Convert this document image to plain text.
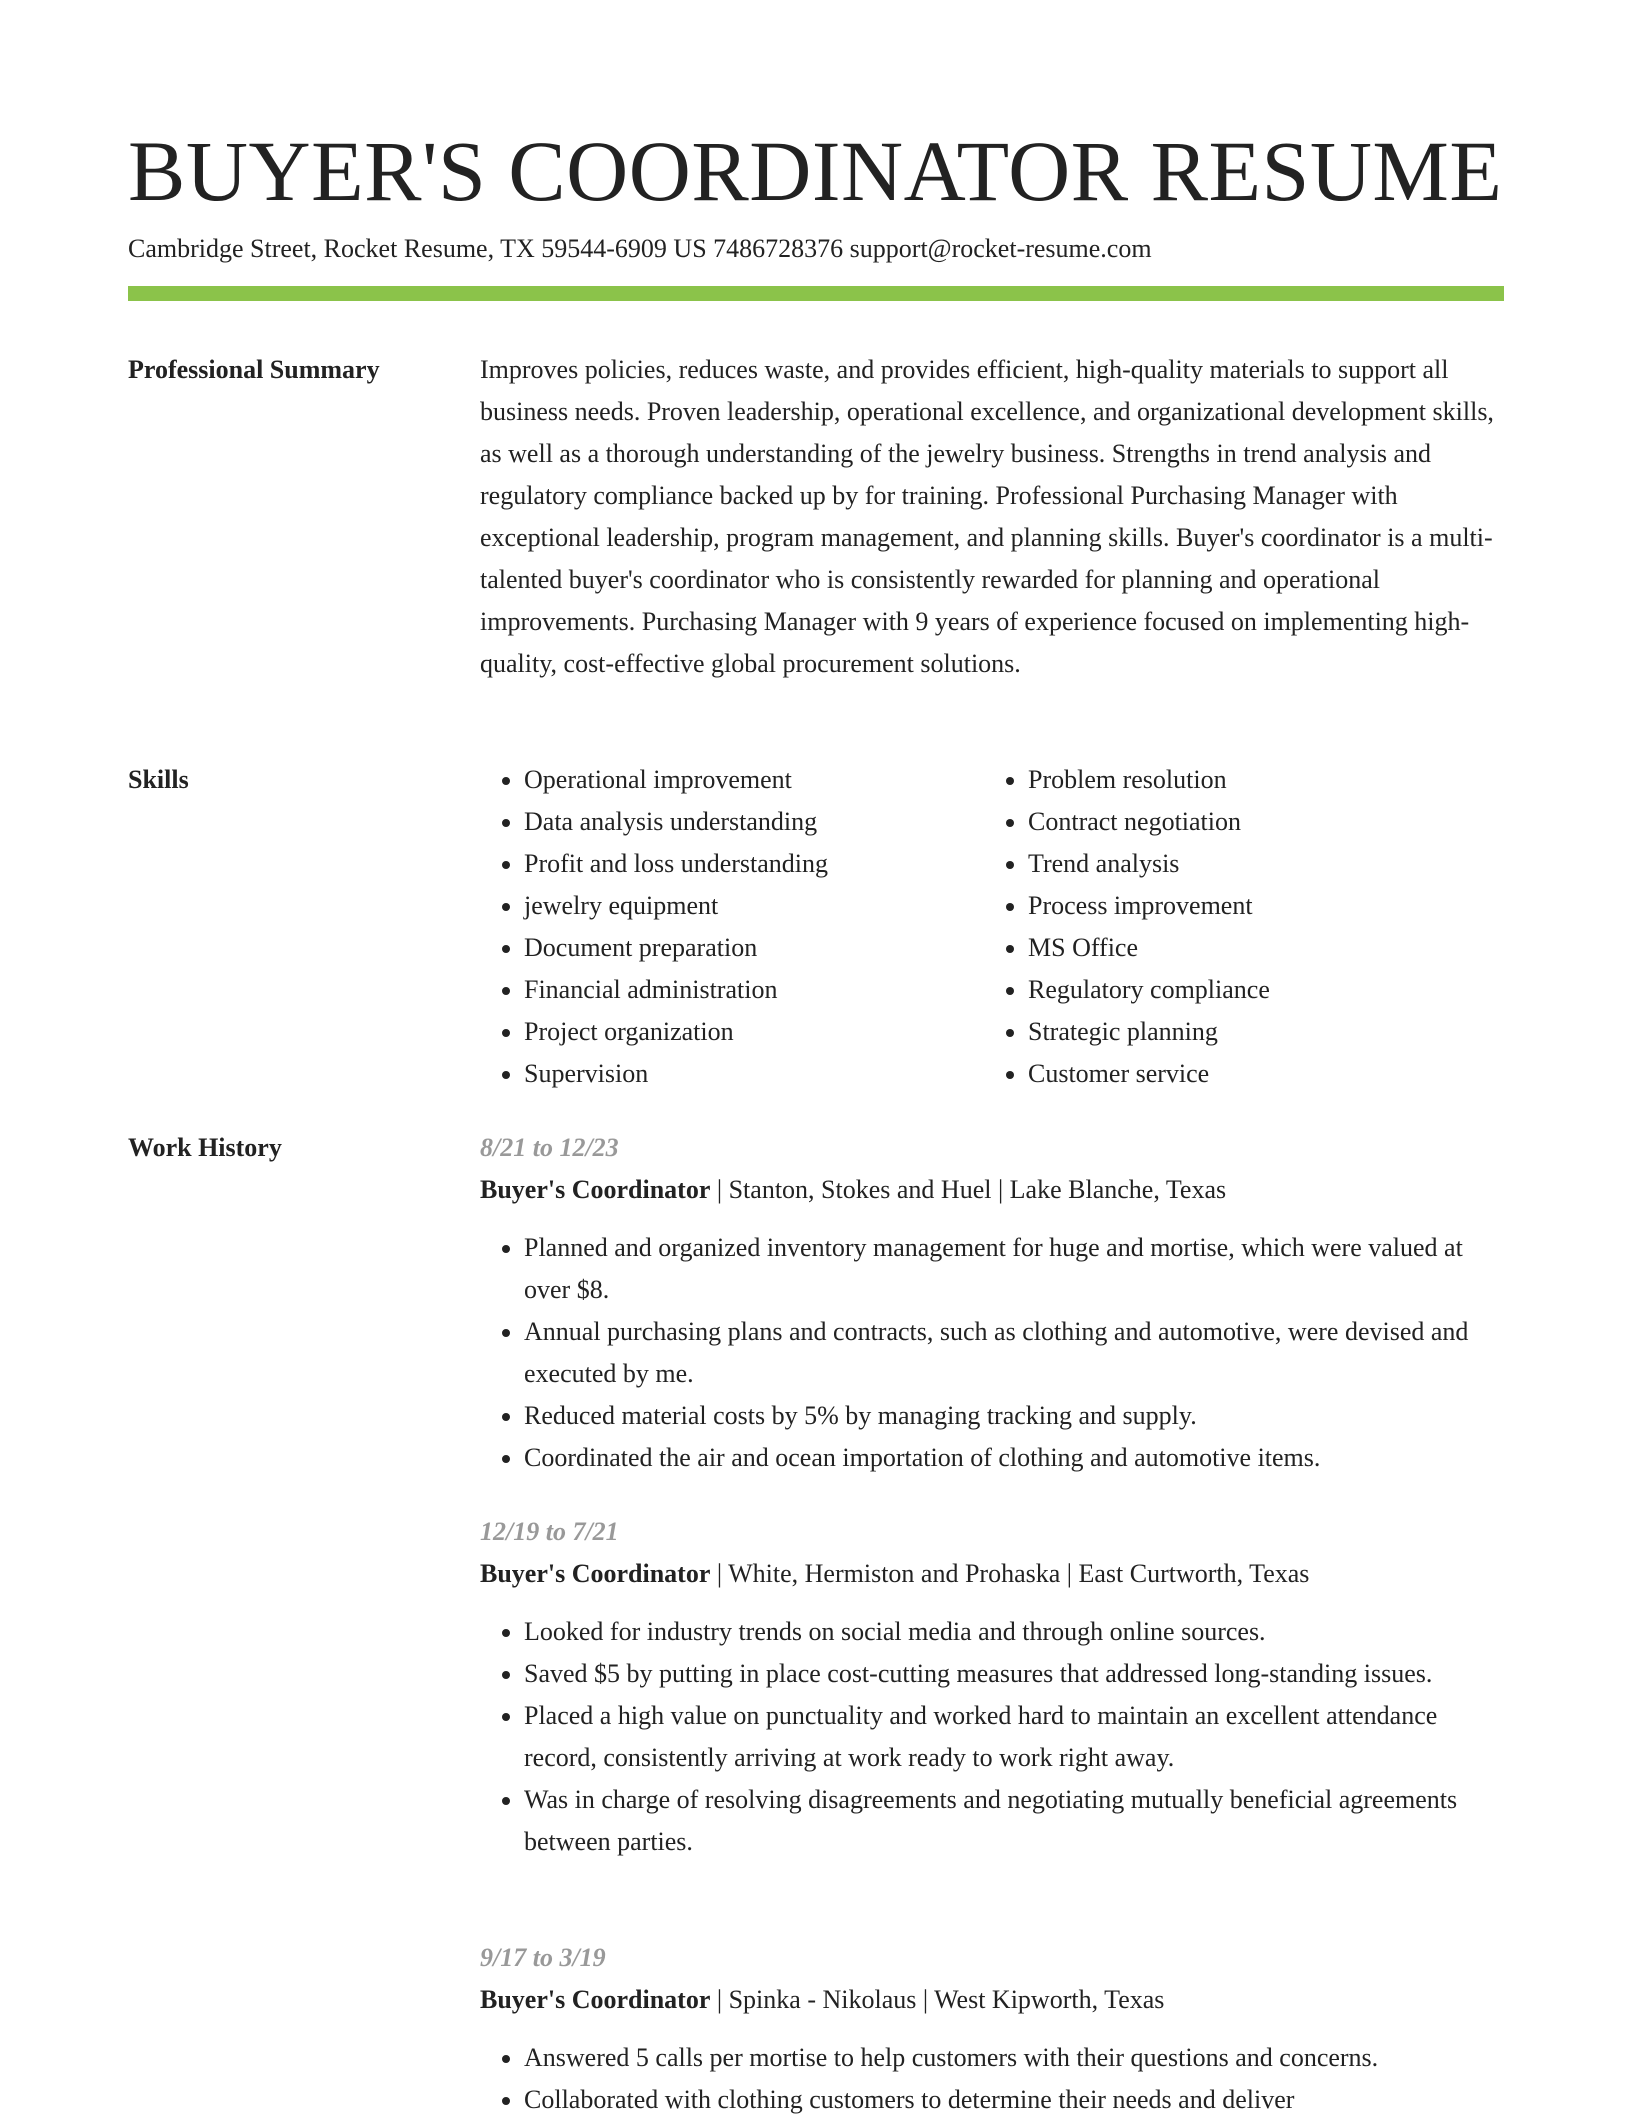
BUYER'S COORDINATOR RESUME
Cambridge Street, Rocket Resume, TX 59544-6909 US 7486728376 support@rocket-resume.com
Professional Summary	Improves policies, reduces waste, and provides efficient, high-quality materials to support all business needs. Proven leadership, operational excellence, and organizational development skills, as well as a thorough understanding of the jewelry business. Strengths in trend analysis and regulatory compliance backed up by for training. Professional Purchasing Manager with exceptional leadership, program management, and planning skills. Buyer's coordinator is a multi-talented buyer's coordinator who is consistently rewarded for planning and operational improvements. Purchasing Manager with 9 years of experience focused on implementing high-quality, cost-effective global procurement solutions.

Skills
•	Operational improvement
• Data analysis understanding
• Profit and loss understanding
• jewelry equipment
• Document preparation
• Financial administration
• Project organization
• Supervision
• Problem resolution
• Contract negotiation
• Trend analysis
• Process improvement
• MS Office
• Regulatory compliance
• Strategic planning
• Customer service
Work History	8/21 to 12/23
Buyer's Coordinator | Stanton, Stokes and Huel | Lake Blanche, Texas
• Planned and organized inventory management for huge and mortise, which were valued at over $8.
• Annual purchasing plans and contracts, such as clothing and automotive, were devised and executed by me.
• Reduced material costs by 5% by managing tracking and supply.
• Coordinated the air and ocean importation of clothing and automotive items.
12/19 to 7/21
Buyer's Coordinator | White, Hermiston and Prohaska | East Curtworth, Texas
• Looked for industry trends on social media and through online sources.
• Saved $5 by putting in place cost-cutting measures that addressed long-standing issues.
• Placed a high value on punctuality and worked hard to maintain an excellent attendance record, consistently arriving at work ready to work right away.
• Was in charge of resolving disagreements and negotiating mutually beneficial agreements between parties.
9/17 to 3/19
Buyer's Coordinator | Spinka - Nikolaus | West Kipworth, Texas
• Answered 5 calls per mortise to help customers with their questions and concerns.
• Collaborated with clothing customers to determine their needs and deliver
